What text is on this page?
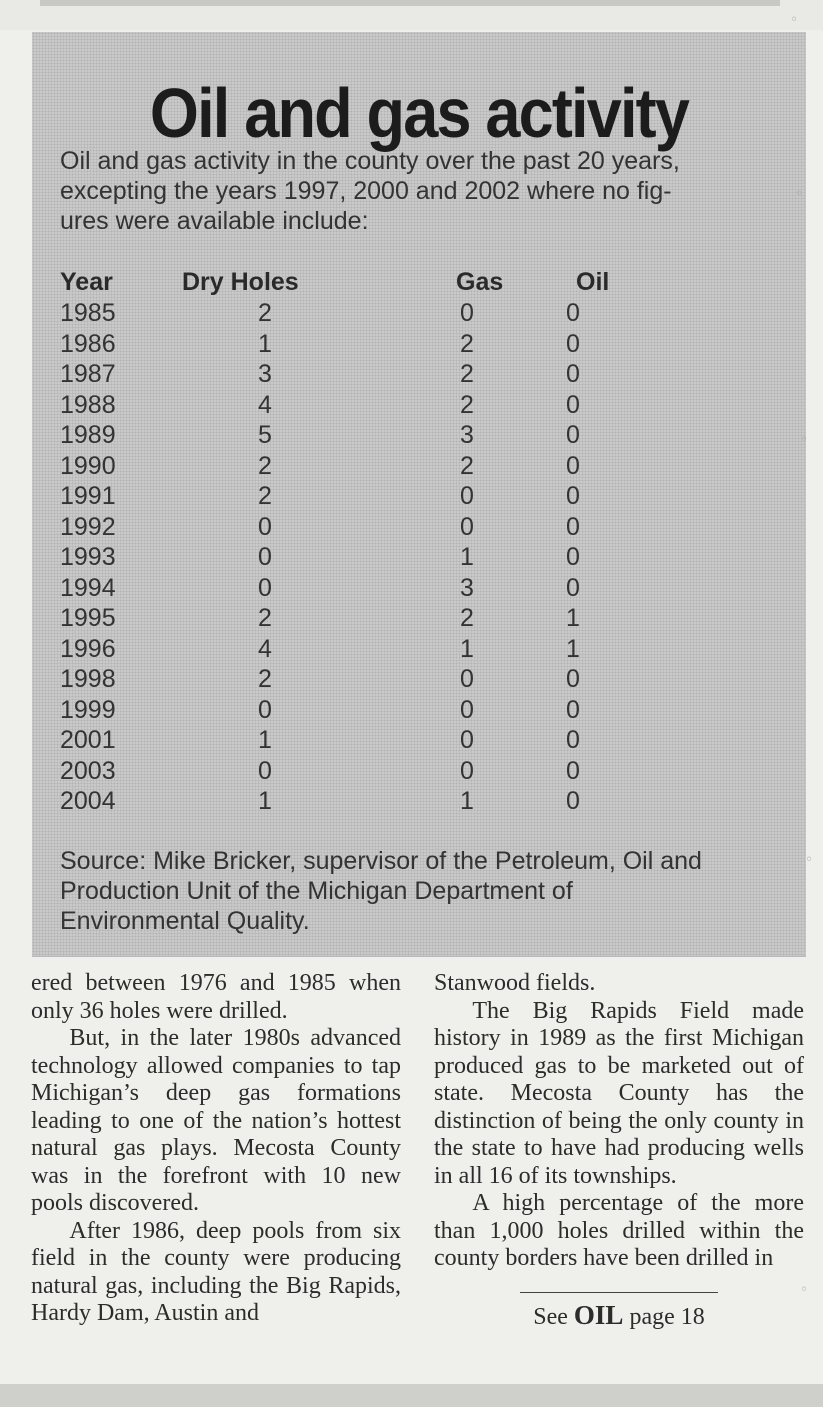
Oil and gas activity
Oil and gas activity in the county over the past 20 years,
excepting the years 1997, 2000 and 2002 where no fig-
ures were available include:
Year	Dry Holes	Gas	Oil
1985	2	0	0
1986	1	2	0
1987	3	2	0
1988	4	2	0
1989	5	3	0
1990	2	2	0
1991	2	0	0
1992	0	0	0
1993	0	1	0
1994	0	3	0
1995	2	2	1
1996	4	1	1
1998	2	0	0
1999	0	0	0
2001	1	0	0
2003	0	0	0
2004	1	1	0
Source: Mike Bricker, supervisor of the Petroleum, Oil and
Production Unit of the Michigan Department of
Environmental Quality.

ered between 1976 and 1985 when only 36 holes were drilled.

But, in the later 1980s advanced technology allowed companies to tap Michigan’s deep gas formations leading to one of the nation’s hottest natural gas plays. Mecosta County was in the forefront with 10 new pools discovered.

After 1986, deep pools from six field in the county were producing natural gas, including the Big Rapids, Hardy Dam, Austin and

Stanwood fields.

The Big Rapids Field made history in 1989 as the first Michigan produced gas to be marketed out of state. Mecosta County has the distinction of being the only county in the state to have had producing wells in all 16 of its townships.

A high percentage of the more than 1,000 holes drilled within the county borders have been drilled in

See OIL page 18
◦
◦
◦
◦
◦
